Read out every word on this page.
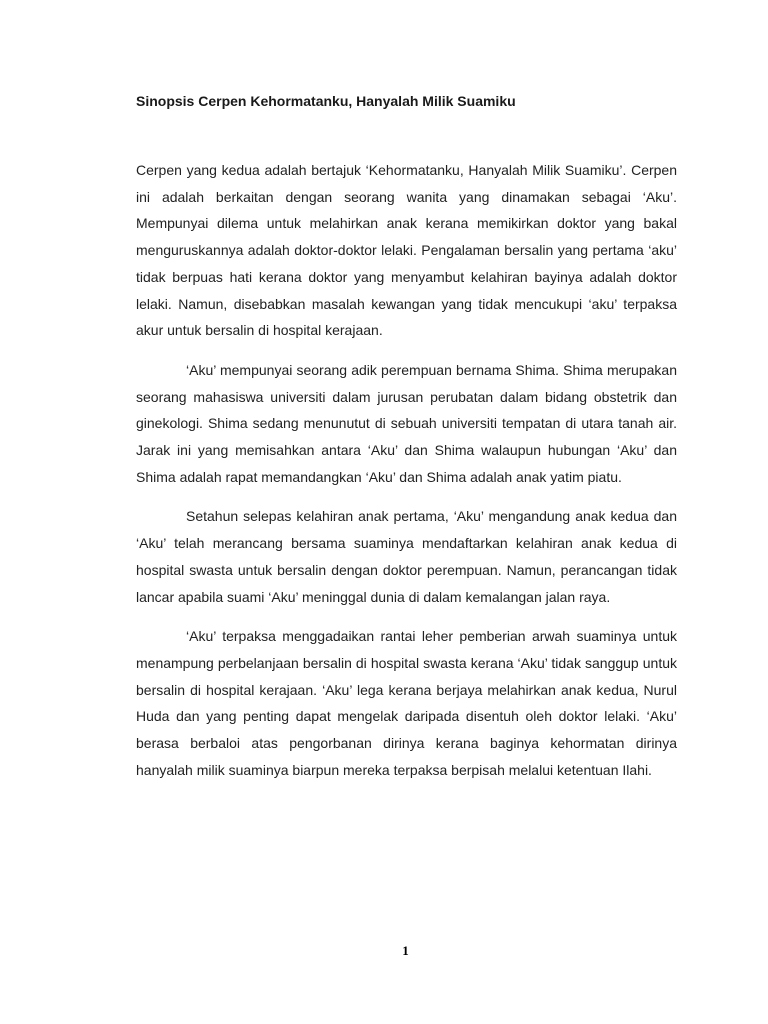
Sinopsis Cerpen Kehormatanku, Hanyalah Milik Suamiku

Cerpen yang kedua adalah bertajuk ‘Kehormatanku, Hanyalah Milik Suamiku’. Cerpen ini adalah berkaitan dengan seorang wanita yang dinamakan sebagai ‘Aku’. Mempunyai dilema untuk melahirkan anak kerana memikirkan doktor yang bakal menguruskannya adalah doktor-doktor lelaki. Pengalaman bersalin yang pertama ‘aku’ tidak berpuas hati kerana doktor yang menyambut kelahiran bayinya adalah doktor lelaki. Namun, disebabkan masalah kewangan yang tidak mencukupi ‘aku’ terpaksa akur untuk bersalin di hospital kerajaan.

‘Aku’ mempunyai seorang adik perempuan bernama Shima. Shima merupakan seorang mahasiswa universiti dalam jurusan perubatan dalam bidang obstetrik dan ginekologi. Shima sedang menunutut di sebuah universiti tempatan di utara tanah air. Jarak ini yang memisahkan antara ‘Aku’ dan Shima walaupun hubungan ‘Aku’ dan Shima adalah rapat memandangkan ‘Aku’ dan Shima adalah anak yatim piatu.

Setahun selepas kelahiran anak pertama, ‘Aku’ mengandung anak kedua dan ‘Aku’ telah merancang bersama suaminya mendaftarkan kelahiran anak kedua di hospital swasta untuk bersalin dengan doktor perempuan. Namun, perancangan tidak lancar apabila suami ‘Aku’ meninggal dunia di dalam kemalangan jalan raya.

‘Aku’ terpaksa menggadaikan rantai leher pemberian arwah suaminya untuk menampung perbelanjaan bersalin di hospital swasta kerana ‘Aku’ tidak sanggup untuk bersalin di hospital kerajaan. ‘Aku’ lega kerana berjaya melahirkan anak kedua, Nurul Huda dan yang penting dapat mengelak daripada disentuh oleh doktor lelaki. ‘Aku’ berasa berbaloi atas pengorbanan dirinya kerana baginya kehormatan dirinya hanyalah milik suaminya biarpun mereka terpaksa berpisah melalui ketentuan Ilahi.

1
